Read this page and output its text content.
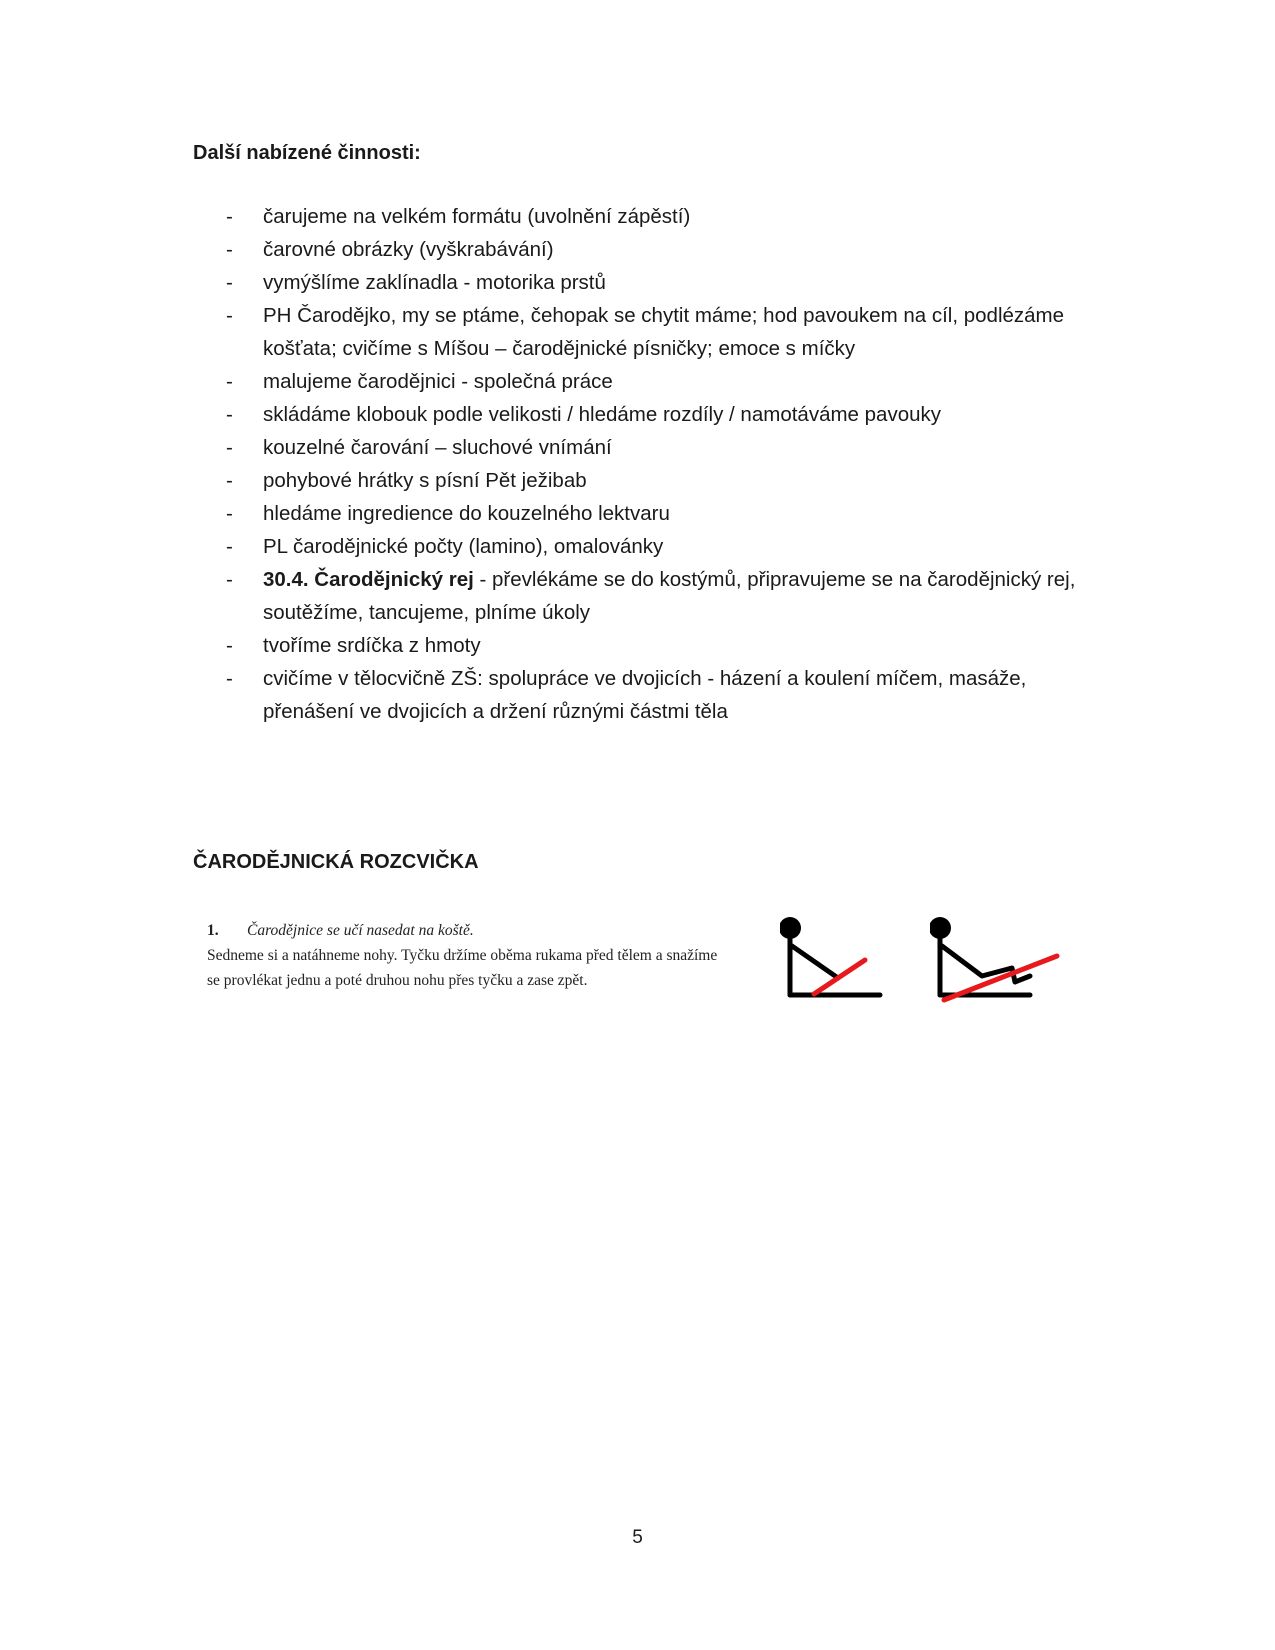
Další nabízené činnosti:
- čarujeme na velkém formátu (uvolnění zápěstí)
- čarovné obrázky (vyškrabávání)
- vymýšlíme zaklínadla - motorika prstů
- PH Čarodějko, my se ptáme, čehopak se chytit máme; hod pavoukem na cíl, podlézáme košťata; cvičíme s Míšou – čarodějnické písničky; emoce s míčky
- malujeme čarodějnici - společná práce
- skládáme klobouk podle velikosti / hledáme rozdíly / namotáváme pavouky
- kouzelné čarování – sluchové vnímání
- pohybové hrátky s písní Pět ježibab
- hledáme ingredience do kouzelného lektvaru
- PL čarodějnické počty (lamino), omalovánky
- 30.4. Čarodějnický rej - převlékáme se do kostýmů, připravujeme se na čarodějnický rej, soutěžíme, tancujeme, plníme úkoly
- tvoříme srdíčka z hmoty
- cvičíme v tělocvičně ZŠ: spolupráce ve dvojicích - házení a koulení míčem, masáže, přenášení ve dvojicích a držení různými částmi těla
ČARODĚJNICKÁ ROZCVIČKA
1. Čarodějnice se učí nasedat na koště.
Sedneme si a natáhneme nohy. Tyčku držíme oběma rukama před tělem a snažíme se provlékat jednu a poté druhou nohu přes tyčku a zase zpět.
5
